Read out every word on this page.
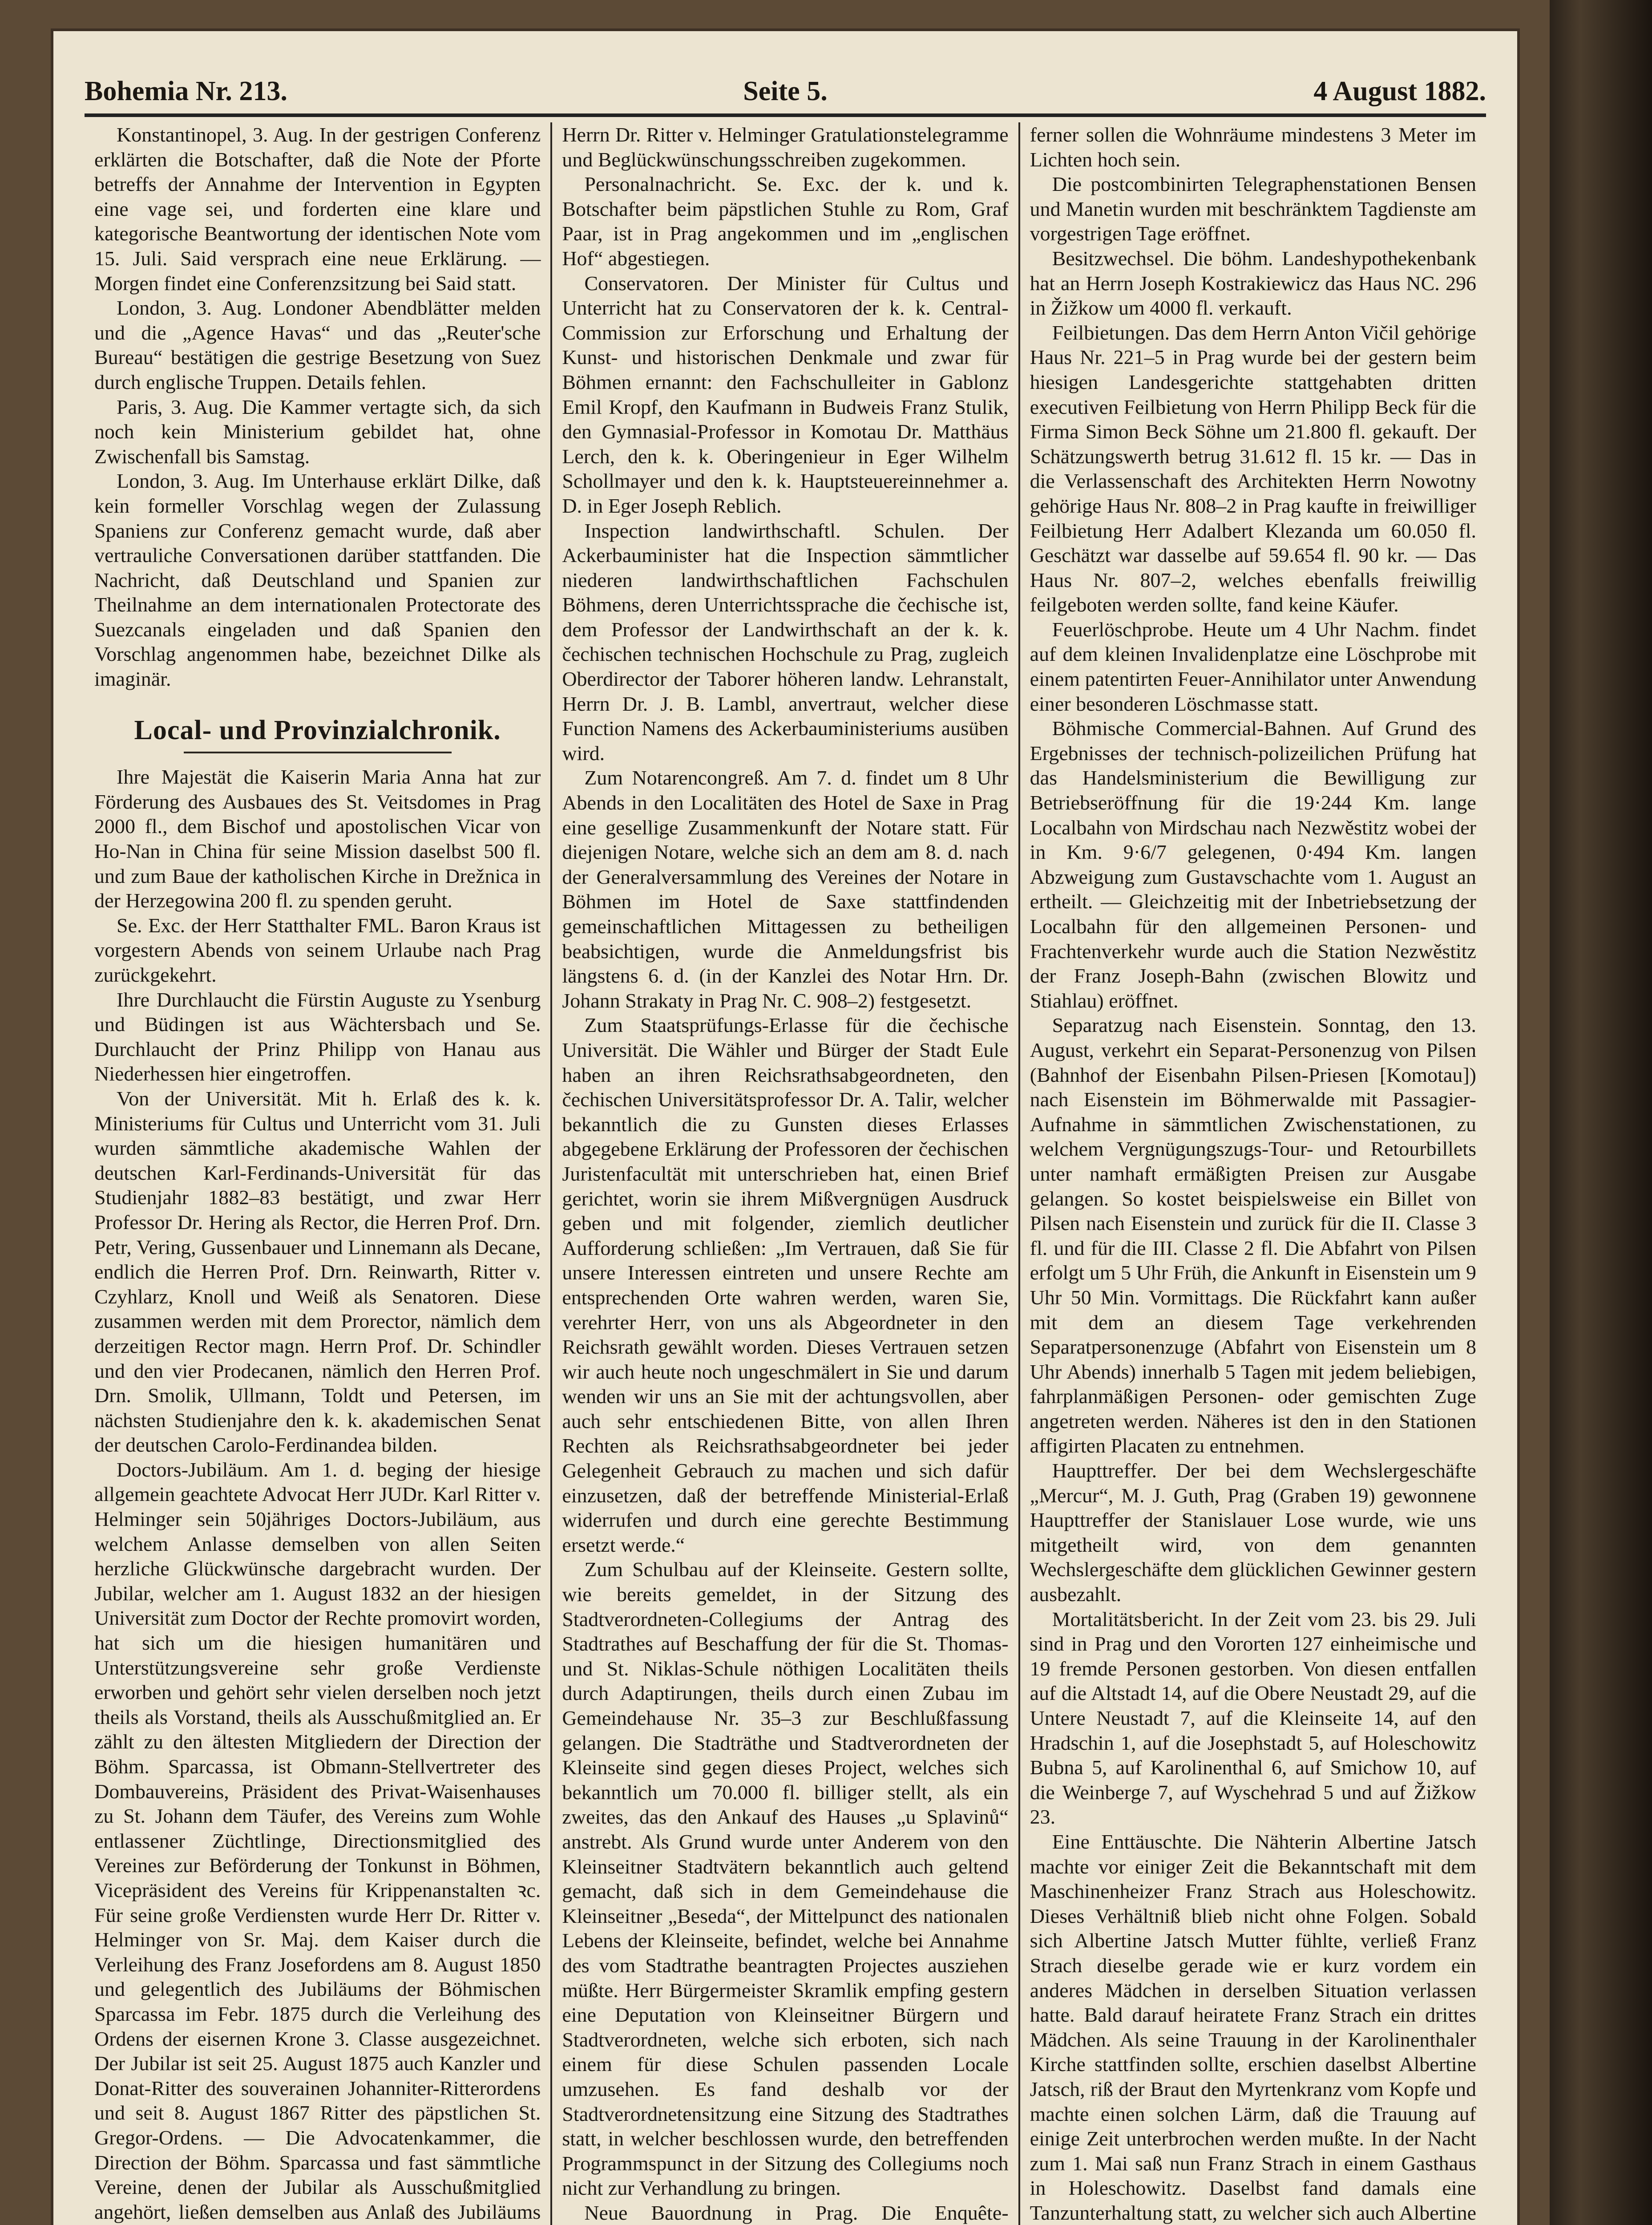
Bohemia Nr. 213.	Seite 5.	4 August 1882.

Konstantinopel, 3. Aug. In der gestrigen Conferenz erklärten die Botschafter, daß die Note der Pforte betreffs der Annahme der Intervention in Egypten eine vage sei, und forderten eine klare und kategorische Beantwortung der identischen Note vom 15. Juli. Said versprach eine neue Erklärung. — Morgen findet eine Conferenzsitzung bei Said statt.

London, 3. Aug. Londoner Abendblätter melden und die „Agence Havas“ und das „Reuter'sche Bureau“ bestätigen die gestrige Besetzung von Suez durch englische Truppen. Details fehlen.

Paris, 3. Aug. Die Kammer vertagte sich, da sich noch kein Ministerium gebildet hat, ohne Zwischenfall bis Samstag.

London, 3. Aug. Im Unterhause erklärt Dilke, daß kein formeller Vorschlag wegen der Zulassung Spaniens zur Conferenz gemacht wurde, daß aber vertrauliche Conversationen darüber stattfanden. Die Nachricht, daß Deutschland und Spanien zur Theilnahme an dem internationalen Protectorate des Suezcanals eingeladen und daß Spanien den Vorschlag angenommen habe, bezeichnet Dilke als imaginär.

Local- und Provinzialchronik.

Ihre Majestät die Kaiserin Maria Anna hat zur Förderung des Ausbaues des St. Veitsdomes in Prag 2000 fl., dem Bischof und apostolischen Vicar von Ho-Nan in China für seine Mission daselbst 500 fl. und zum Baue der katholischen Kirche in Drežnica in der Herzegowina 200 fl. zu spenden geruht.

Se. Exc. der Herr Statthalter FML. Baron Kraus ist vorgestern Abends von seinem Urlaube nach Prag zurückgekehrt.

Ihre Durchlaucht die Fürstin Auguste zu Ysenburg und Büdingen ist aus Wächtersbach und Se. Durchlaucht der Prinz Philipp von Hanau aus Niederhessen hier eingetroffen.

Von der Universität. Mit h. Erlaß des k. k. Ministeriums für Cultus und Unterricht vom 31. Juli wurden sämmtliche akademische Wahlen der deutschen Karl-Ferdinands-Universität für das Studienjahr 1882–83 bestätigt, und zwar Herr Professor Dr. Hering als Rector, die Herren Prof. Drn. Petr, Vering, Gussenbauer und Linnemann als Decane, endlich die Herren Prof. Drn. Reinwarth, Ritter v. Czyhlarz, Knoll und Weiß als Senatoren. Diese zusammen werden mit dem Prorector, nämlich dem derzeitigen Rector magn. Herrn Prof. Dr. Schindler und den vier Prodecanen, nämlich den Herren Prof. Drn. Smolik, Ullmann, Toldt und Petersen, im nächsten Studienjahre den k. k. akademischen Senat der deutschen Carolo-Ferdinandea bilden.

Doctors-Jubiläum. Am 1. d. beging der hiesige allgemein geachtete Advocat Herr JUDr. Karl Ritter v. Helminger sein 50jähriges Doctors-Jubiläum, aus welchem Anlasse demselben von allen Seiten herzliche Glückwünsche dargebracht wurden. Der Jubilar, welcher am 1. August 1832 an der hiesigen Universität zum Doctor der Rechte promovirt worden, hat sich um die hiesigen humanitären und Unterstützungsvereine sehr große Verdienste erworben und gehört sehr vielen derselben noch jetzt theils als Vorstand, theils als Ausschußmitglied an. Er zählt zu den ältesten Mitgliedern der Direction der Böhm. Sparcassa, ist Obmann-Stellvertreter des Dombauvereins, Präsident des Privat-Waisenhauses zu St. Johann dem Täufer, des Vereins zum Wohle entlassener Züchtlinge, Directionsmitglied des Vereines zur Beförderung der Tonkunst in Böhmen, Vicepräsident des Vereins für Krippenanstalten ꝛc. Für seine große Verdiensten wurde Herr Dr. Ritter v. Helminger von Sr. Maj. dem Kaiser durch die Verleihung des Franz Josefordens am 8. August 1850 und gelegentlich des Jubiläums der Böhmischen Sparcassa im Febr. 1875 durch die Verleihung des Ordens der eisernen Krone 3. Classe ausgezeichnet. Der Jubilar ist seit 25. August 1875 auch Kanzler und Donat-Ritter des souverainen Johanniter-Ritterordens und seit 8. August 1867 Ritter des päpstlichen St. Gregor-Ordens. — Die Advocatenkammer, die Direction der Böhm. Sparcassa und fast sämmtliche Vereine, denen der Jubilar als Ausschußmitglied angehört, ließen demselben aus Anlaß des Jubiläums

Herrn Dr. Ritter v. Helminger Gratulationstelegramme und Beglückwünschungsschreiben zugekommen.

Personalnachricht. Se. Exc. der k. und k. Botschafter beim päpstlichen Stuhle zu Rom, Graf Paar, ist in Prag angekommen und im „englischen Hof“ abgestiegen.

Conservatoren. Der Minister für Cultus und Unterricht hat zu Conservatoren der k. k. Central-Commission zur Erforschung und Erhaltung der Kunst- und historischen Denkmale und zwar für Böhmen ernannt: den Fachschulleiter in Gablonz Emil Kropf, den Kaufmann in Budweis Franz Stulik, den Gymnasial-Professor in Komotau Dr. Matthäus Lerch, den k. k. Oberingenieur in Eger Wilhelm Schollmayer und den k. k. Hauptsteuereinnehmer a. D. in Eger Joseph Reblich.

Inspection landwirthschaftl. Schulen. Der Ackerbauminister hat die Inspection sämmtlicher niederen landwirthschaftlichen Fachschulen Böhmens, deren Unterrichtssprache die čechische ist, dem Professor der Landwirthschaft an der k. k. čechischen technischen Hochschule zu Prag, zugleich Oberdirector der Taborer höheren landw. Lehranstalt, Herrn Dr. J. B. Lambl, anvertraut, welcher diese Function Namens des Ackerbauministeriums ausüben wird.

Zum Notarencongreß. Am 7. d. findet um 8 Uhr Abends in den Localitäten des Hotel de Saxe in Prag eine gesellige Zusammenkunft der Notare statt. Für diejenigen Notare, welche sich an dem am 8. d. nach der Generalversammlung des Vereines der Notare in Böhmen im Hotel de Saxe stattfindenden gemeinschaftlichen Mittagessen zu betheiligen beabsichtigen, wurde die Anmeldungsfrist bis längstens 6. d. (in der Kanzlei des Notar Hrn. Dr. Johann Strakaty in Prag Nr. C. 908–2) festgesetzt.

Zum Staatsprüfungs-Erlasse für die čechische Universität. Die Wähler und Bürger der Stadt Eule haben an ihren Reichsrathsabgeordneten, den čechischen Universitätsprofessor Dr. A. Talir, welcher bekanntlich die zu Gunsten dieses Erlasses abgegebene Erklärung der Professoren der čechischen Juristenfacultät mit unterschrieben hat, einen Brief gerichtet, worin sie ihrem Mißvergnügen Ausdruck geben und mit folgender, ziemlich deutlicher Aufforderung schließen: „Im Vertrauen, daß Sie für unsere Interessen eintreten und unsere Rechte am entsprechenden Orte wahren werden, waren Sie, verehrter Herr, von uns als Abgeordneter in den Reichsrath gewählt worden. Dieses Vertrauen setzen wir auch heute noch ungeschmälert in Sie und darum wenden wir uns an Sie mit der achtungsvollen, aber auch sehr entschiedenen Bitte, von allen Ihren Rechten als Reichsrathsabgeordneter bei jeder Gelegenheit Gebrauch zu machen und sich dafür einzusetzen, daß der betreffende Ministerial-Erlaß widerrufen und durch eine gerechte Bestimmung ersetzt werde.“

Zum Schulbau auf der Kleinseite. Gestern sollte, wie bereits gemeldet, in der Sitzung des Stadtverordneten-Collegiums der Antrag des Stadtrathes auf Beschaffung der für die St. Thomas- und St. Niklas-Schule nöthigen Localitäten theils durch Adaptirungen, theils durch einen Zubau im Gemeindehause Nr. 35–3 zur Beschlußfassung gelangen. Die Stadträthe und Stadtverordneten der Kleinseite sind gegen dieses Project, welches sich bekanntlich um 70.000 fl. billiger stellt, als ein zweites, das den Ankauf des Hauses „u Splavinů“ anstrebt. Als Grund wurde unter Anderem von den Kleinseitner Stadtvätern bekanntlich auch geltend gemacht, daß sich in dem Gemeindehause die Kleinseitner „Beseda“, der Mittelpunct des nationalen Lebens der Kleinseite, befindet, welche bei Annahme des vom Stadtrathe beantragten Projectes ausziehen müßte. Herr Bürgermeister Skramlik empfing gestern eine Deputation von Kleinseitner Bürgern und Stadtverordneten, welche sich erboten, sich nach einem für diese Schulen passenden Locale umzusehen. Es fand deshalb vor der Stadtverordnetensitzung eine Sitzung des Stadtrathes statt, in welcher beschlossen wurde, den betreffenden Programmspunct in der Sitzung des Collegiums noch nicht zur Verhandlung zu bringen.

Neue Bauordnung in Prag. Die Enquête-

ferner sollen die Wohnräume mindestens 3 Meter im Lichten hoch sein.

Die postcombinirten Telegraphenstationen Bensen und Manetin wurden mit beschränktem Tagdienste am vorgestrigen Tage eröffnet.

Besitzwechsel. Die böhm. Landeshypothekenbank hat an Herrn Joseph Kostrakiewicz das Haus NC. 296 in Žižkow um 4000 fl. verkauft.

Feilbietungen. Das dem Herrn Anton Vičil gehörige Haus Nr. 221–5 in Prag wurde bei der gestern beim hiesigen Landesgerichte stattgehabten dritten executiven Feilbietung von Herrn Philipp Beck für die Firma Simon Beck Söhne um 21.800 fl. gekauft. Der Schätzungswerth betrug 31.612 fl. 15 kr. — Das in die Verlassenschaft des Architekten Herrn Nowotny gehörige Haus Nr. 808–2 in Prag kaufte in freiwilliger Feilbietung Herr Adalbert Klezanda um 60.050 fl. Geschätzt war dasselbe auf 59.654 fl. 90 kr. — Das Haus Nr. 807–2, welches ebenfalls freiwillig feilgeboten werden sollte, fand keine Käufer.

Feuerlöschprobe. Heute um 4 Uhr Nachm. findet auf dem kleinen Invalidenplatze eine Löschprobe mit einem patentirten Feuer-Annihilator unter Anwendung einer besonderen Löschmasse statt.

Böhmische Commercial-Bahnen. Auf Grund des Ergebnisses der technisch-polizeilichen Prüfung hat das Handelsministerium die Bewilligung zur Betriebseröffnung für die 19·244 Km. lange Localbahn von Mirdschau nach Nezwěstitz wobei der in Km. 9·6/7 gelegenen, 0·494 Km. langen Abzweigung zum Gustavschachte vom 1. August an ertheilt. — Gleichzeitig mit der Inbetriebsetzung der Localbahn für den allgemeinen Personen- und Frachtenverkehr wurde auch die Station Nezwěstitz der Franz Joseph-Bahn (zwischen Blowitz und Stiahlau) eröffnet.

Separatzug nach Eisenstein. Sonntag, den 13. August, verkehrt ein Separat-Personenzug von Pilsen (Bahnhof der Eisenbahn Pilsen-Priesen [Komotau]) nach Eisenstein im Böhmerwalde mit Passagier-Aufnahme in sämmtlichen Zwischenstationen, zu welchem Vergnügungszugs-Tour- und Retourbillets unter namhaft ermäßigten Preisen zur Ausgabe gelangen. So kostet beispielsweise ein Billet von Pilsen nach Eisenstein und zurück für die II. Classe 3 fl. und für die III. Classe 2 fl. Die Abfahrt von Pilsen erfolgt um 5 Uhr Früh, die Ankunft in Eisenstein um 9 Uhr 50 Min. Vormittags. Die Rückfahrt kann außer mit dem an diesem Tage verkehrenden Separatpersonenzuge (Abfahrt von Eisenstein um 8 Uhr Abends) innerhalb 5 Tagen mit jedem beliebigen, fahrplanmäßigen Personen- oder gemischten Zuge angetreten werden. Näheres ist den in den Stationen affigirten Placaten zu entnehmen.

Haupttreffer. Der bei dem Wechslergeschäfte „Mercur“, M. J. Guth, Prag (Graben 19) gewonnene Haupttreffer der Stanislauer Lose wurde, wie uns mitgetheilt wird, von dem genannten Wechslergeschäfte dem glücklichen Gewinner gestern ausbezahlt.

Mortalitätsbericht. In der Zeit vom 23. bis 29. Juli sind in Prag und den Vororten 127 einheimische und 19 fremde Personen gestorben. Von diesen entfallen auf die Altstadt 14, auf die Obere Neustadt 29, auf die Untere Neustadt 7, auf die Kleinseite 14, auf den Hradschin 1, auf die Josephstadt 5, auf Holeschowitz Bubna 5, auf Karolinenthal 6, auf Smichow 10, auf die Weinberge 7, auf Wyschehrad 5 und auf Žižkow 23.

Eine Enttäuschte. Die Nähterin Albertine Jatsch machte vor einiger Zeit die Bekanntschaft mit dem Maschinenheizer Franz Strach aus Holeschowitz. Dieses Verhältniß blieb nicht ohne Folgen. Sobald sich Albertine Jatsch Mutter fühlte, verließ Franz Strach dieselbe gerade wie er kurz vordem ein anderes Mädchen in derselben Situation verlassen hatte. Bald darauf heiratete Franz Strach ein drittes Mädchen. Als seine Trauung in der Karolinenthaler Kirche stattfinden sollte, erschien daselbst Albertine Jatsch, riß der Braut den Myrtenkranz vom Kopfe und machte einen solchen Lärm, daß die Trauung auf einige Zeit unterbrochen werden mußte. In der Nacht zum 1. Mai saß nun Franz Strach in einem Gasthaus in Holeschowitz. Daselbst fand damals eine Tanzunterhaltung statt, zu welcher sich auch Albertine
